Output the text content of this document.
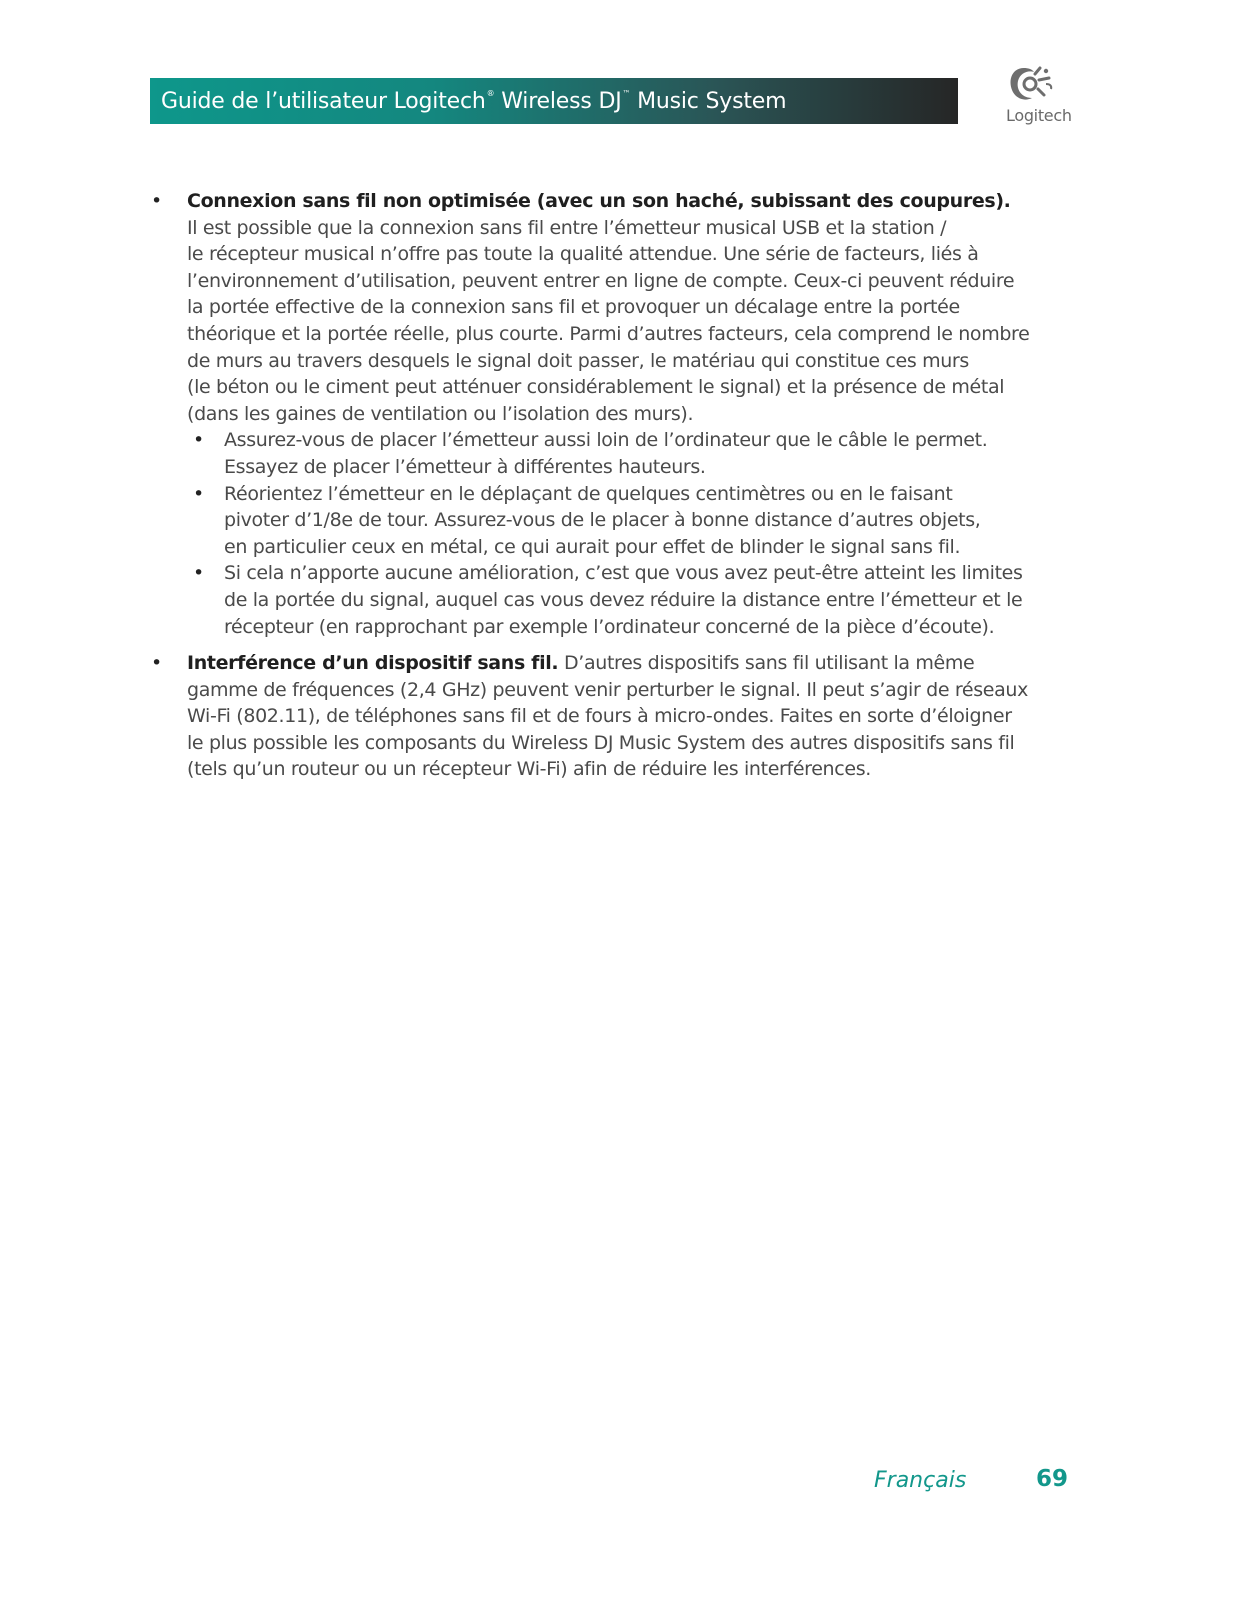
Guide de l’utilisateur Logitech® Wireless DJ™ Music System
Logitech
• Connexion sans fil non optimisée (avec un son haché, subissant des coupures).
Il est possible que la connexion sans fil entre l’émetteur musical USB et la station /
le récepteur musical n’offre pas toute la qualité attendue. Une série de facteurs, liés à
l’environnement d’utilisation, peuvent entrer en ligne de compte. Ceux-ci peuvent réduire
la portée effective de la connexion sans fil et provoquer un décalage entre la portée
théorique et la portée réelle, plus courte. Parmi d’autres facteurs, cela comprend le nombre
de murs au travers desquels le signal doit passer, le matériau qui constitue ces murs
(le béton ou le ciment peut atténuer considérablement le signal) et la présence de métal
(dans les gaines de ventilation ou l’isolation des murs).
• Assurez-vous de placer l’émetteur aussi loin de l’ordinateur que le câble le permet.
Essayez de placer l’émetteur à différentes hauteurs.
• Réorientez l’émetteur en le déplaçant de quelques centimètres ou en le faisant
pivoter d’1/8e de tour. Assurez-vous de le placer à bonne distance d’autres objets,
en particulier ceux en métal, ce qui aurait pour effet de blinder le signal sans fil.
• Si cela n’apporte aucune amélioration, c’est que vous avez peut-être atteint les limites
de la portée du signal, auquel cas vous devez réduire la distance entre l’émetteur et le
récepteur (en rapprochant par exemple l’ordinateur concerné de la pièce d’écoute).
• Interférence d’un dispositif sans fil. D’autres dispositifs sans fil utilisant la même
gamme de fréquences (2,4 GHz) peuvent venir perturber le signal. Il peut s’agir de réseaux
Wi-Fi (802.11), de téléphones sans fil et de fours à micro-ondes. Faites en sorte d’éloigner
le plus possible les composants du Wireless DJ Music System des autres dispositifs sans fil
(tels qu’un routeur ou un récepteur Wi-Fi) afin de réduire les interférences.
Français	69
